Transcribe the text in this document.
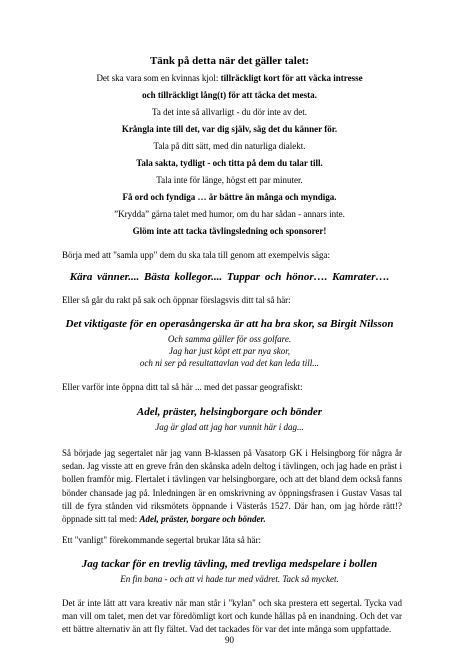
Tänk på detta när det gäller talet:
Det ska vara som en kvinnas kjol: tillräckligt kort för att väcka intresse
och tillräckligt lång(t) för att täcka det mesta.
Ta det inte så allvarligt - du dör inte av det.
Krångla inte till det, var dig själv, säg det du känner för.
Tala på ditt sätt, med din naturliga dialekt.
Tala sakta, tydligt - och titta på dem du talar till.
Tala inte för länge, högst ett par minuter.
Få ord och fyndiga … är bättre än många och myndiga.
”Krydda” gärna talet med humor, om du har sådan - annars inte.
Glöm inte att tacka tävlingsledning och sponsorer!
Börja med att "samla upp" dem du ska tala till genom att exempelvis säga:
Kära vänner.... Bästa kollegor.... Tuppar och hönor…. Kamrater….
Eller så går du rakt på sak och öppnar förslagsvis ditt tal så här:
Det viktigaste för en operasångerska är att ha bra skor, sa Birgit Nilsson
Och samma gäller för oss golfare.
Jag har just köpt ett par nya skor,
och ni ser på resultattavlan vad det kan leda till...
Eller varför inte öppna ditt tal så här ... med det passar geografiskt:
Adel, präster, helsingborgare och bönder
Jag är glad att jag har vunnit här i dag...
Så började jag segertalet när jag vann B-klassen på Vasatorp GK i Helsingborg för några år
sedan. Jag visste att en greve från den skånska adeln deltog i tävlingen, och jag hade en präst i
bollen framför mig. Flertalet i tävlingen var helsingborgare, och att det bland dem också fanns
bönder chansade jag på. Inledningen är en omskrivning av öppningsfrasen i Gustav Vasas tal
till de fyra stånden vid riksmötets öppnande i Västerås 1527. Där han, om jag hörde rätt!?
öppnade sitt tal med: Adel, präster, borgare och bönder.
Ett "vanligt" förekommande segertal brukar låta så här:
Jag tackar för en trevlig tävling, med trevliga medspelare i bollen
En fin bana - och att vi hade tur med vädret. Tack så mycket.
Det är inte lätt att vara kreativ när man står i "kylan" och ska prestera ett segertal. Tycka vad
man vill om talet, men det var föredömligt kort och kunde hållas på en inandning. Och det var
ett bättre alternativ än att fly fältet. Vad det tackades för var det inte många som uppfattade.
90
